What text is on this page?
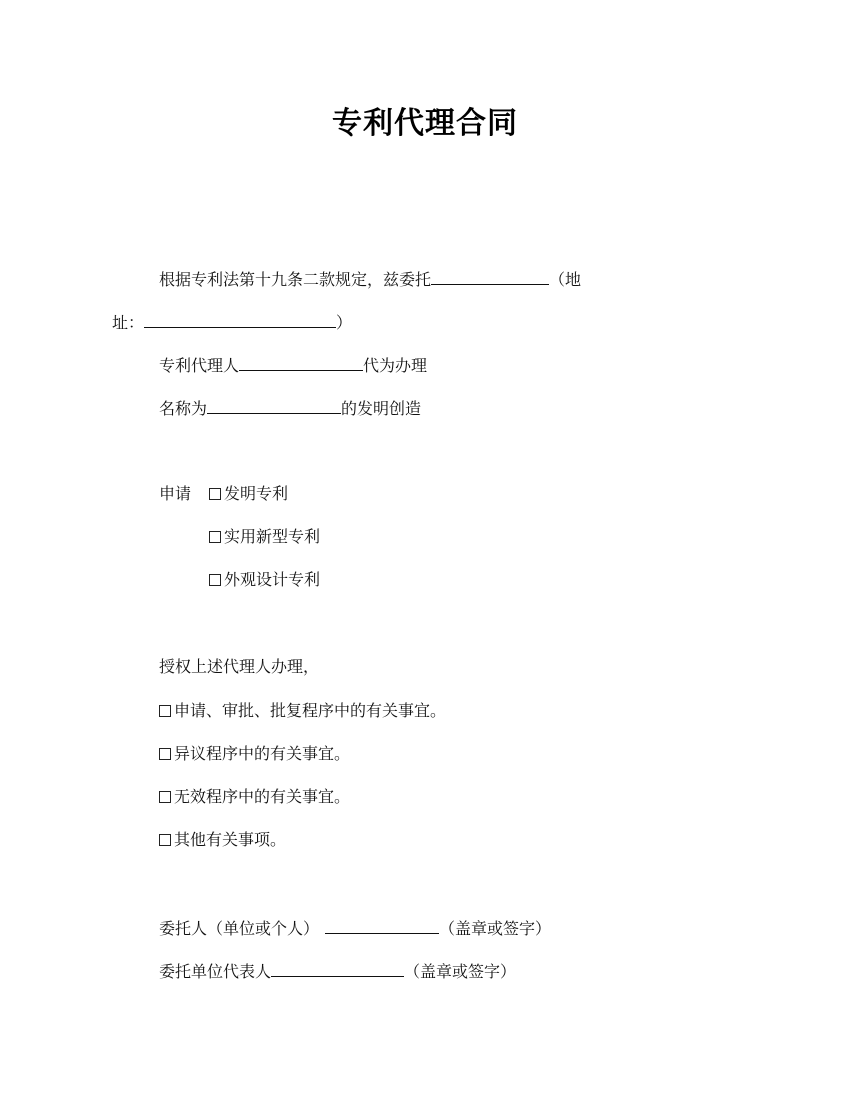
专利代理合同
根据专利法第十九条二款规定，兹委托	（地
址：	）
专利代理人	代为办理
名称为	的发明创造
申请	发明专利
实用新型专利
外观设计专利
授权上述代理人办理，
申请、审批、批复程序中的有关事宜。
异议程序中的有关事宜。
无效程序中的有关事宜。
其他有关事项。
委托人（单位或个人）	（盖章或签字）
委托单位代表人	（盖章或签字）
